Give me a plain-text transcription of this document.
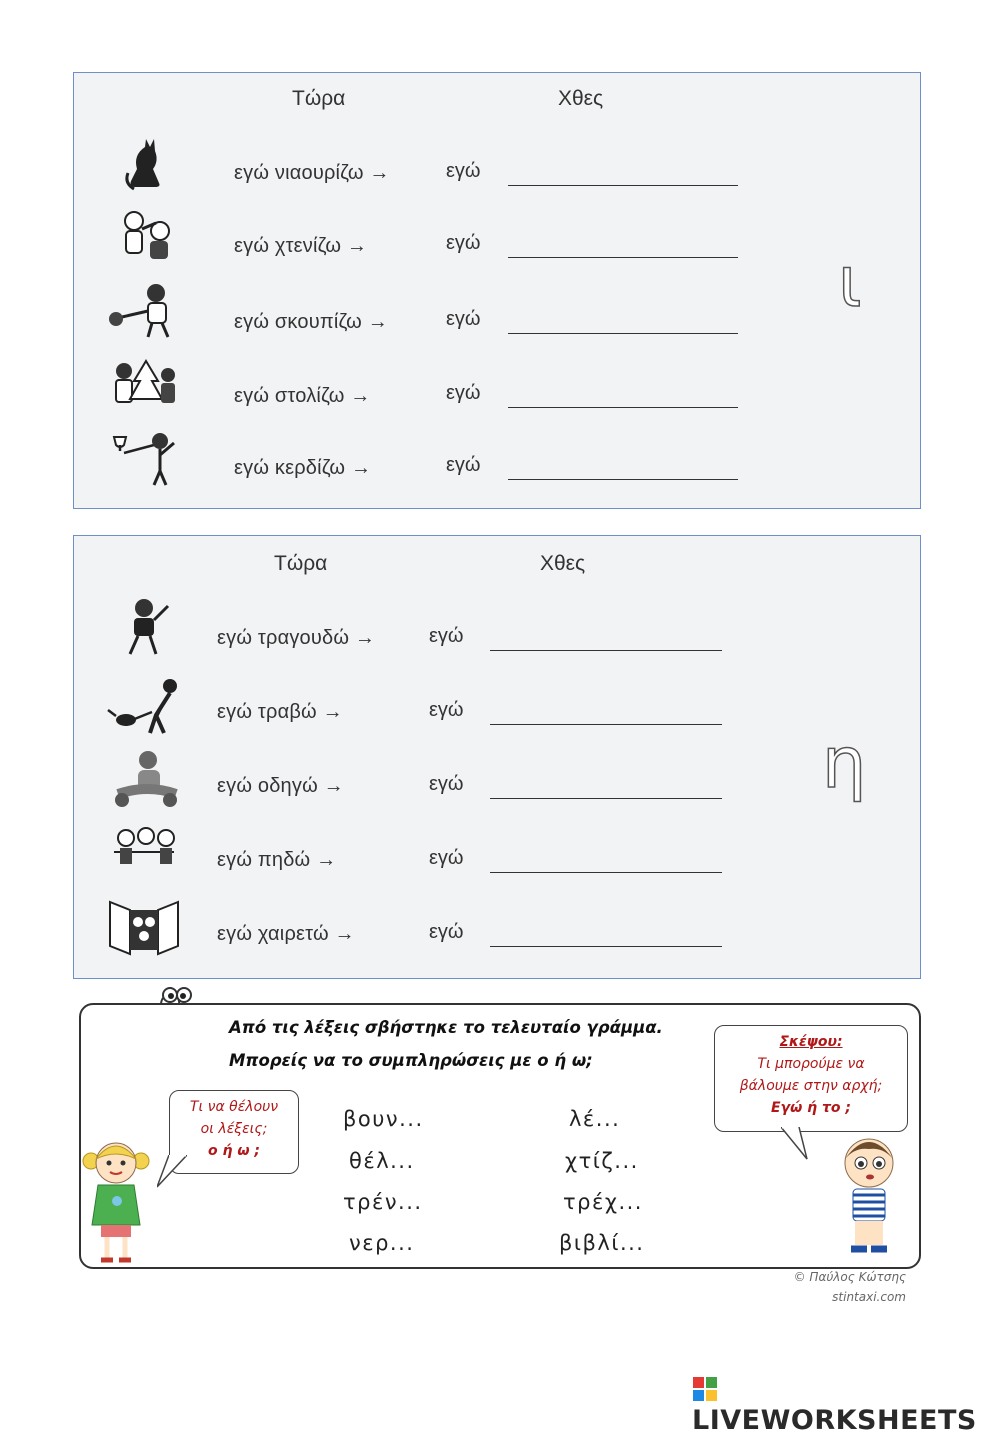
Τώρα	Χθες
εγώ νιαουρίζω →	εγώ
εγώ χτενίζω →	εγώ
εγώ σκουπίζω →	εγώ
εγώ στολίζω →	εγώ
εγώ κερδίζω →	εγώ
ι
Τώρα	Χθες
εγώ τραγουδώ →	εγώ
εγώ τραβώ →	εγώ
εγώ οδηγώ →	εγώ
εγώ πηδώ →	εγώ
εγώ χαιρετώ →	εγώ
η
Από τις λέξεις σβήστηκε το τελευταίο γράμμα.
Μπορείς να το συμπληρώσεις με ο ή ω;
Τι να θέλουν
οι λέξεις;
ο ή ω ;
Σκέψου:
Τι μπορούμε να
βάλουμε στην αρχή;
Εγώ ή το ;
βουν...
θέλ...
τρέν...
νερ...
λέ...
χτίζ...
τρέχ...
βιβλί...
© Παύλος Κώτσης
stintaxi.com
LIVEWORKSHEETS
